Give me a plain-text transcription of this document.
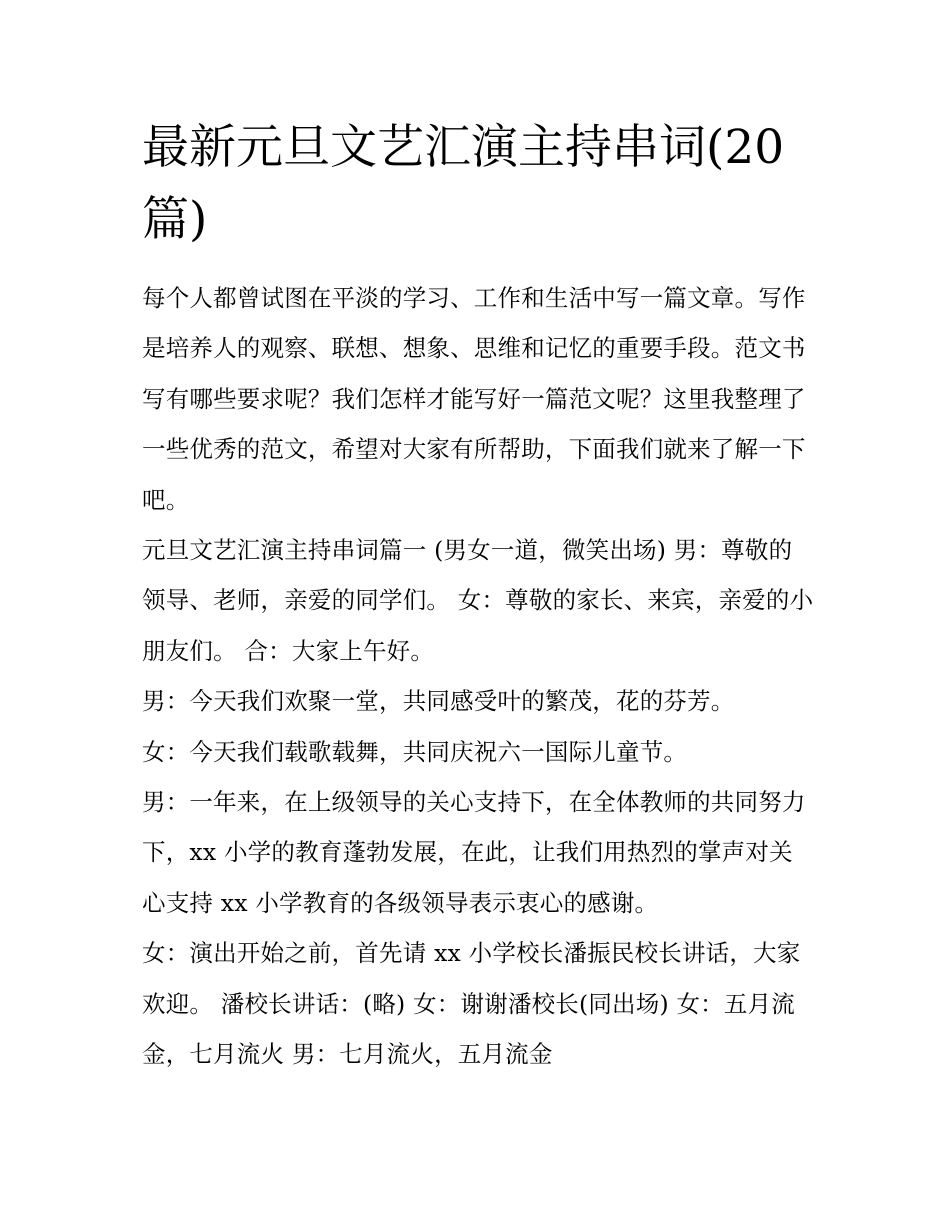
最新元旦文艺汇演主持串词(20篇)

每个人都曾试图在平淡的学习、工作和生活中写一篇文章。写作是培养人的观察、联想、想象、思维和记忆的重要手段。范文书写有哪些要求呢？我们怎样才能写好一篇范文呢？这里我整理了一些优秀的范文，希望对大家有所帮助，下面我们就来了解一下吧。

元旦文艺汇演主持串词篇一 (男女一道，微笑出场) 男：尊敬的领导、老师，亲爱的同学们。 女：尊敬的家长、来宾，亲爱的小朋友们。 合：大家上午好。

男：今天我们欢聚一堂，共同感受叶的繁茂，花的芬芳。

女：今天我们载歌载舞，共同庆祝六一国际儿童节。

男：一年来，在上级领导的关心支持下，在全体教师的共同努力下，xx 小学的教育蓬勃发展，在此，让我们用热烈的掌声对关心支持 xx 小学教育的各级领导表示衷心的感谢。

女：演出开始之前，首先请 xx 小学校长潘振民校长讲话，大家欢迎。 潘校长讲话：(略) 女：谢谢潘校长(同出场) 女：五月流金，七月流火 男：七月流火，五月流金
